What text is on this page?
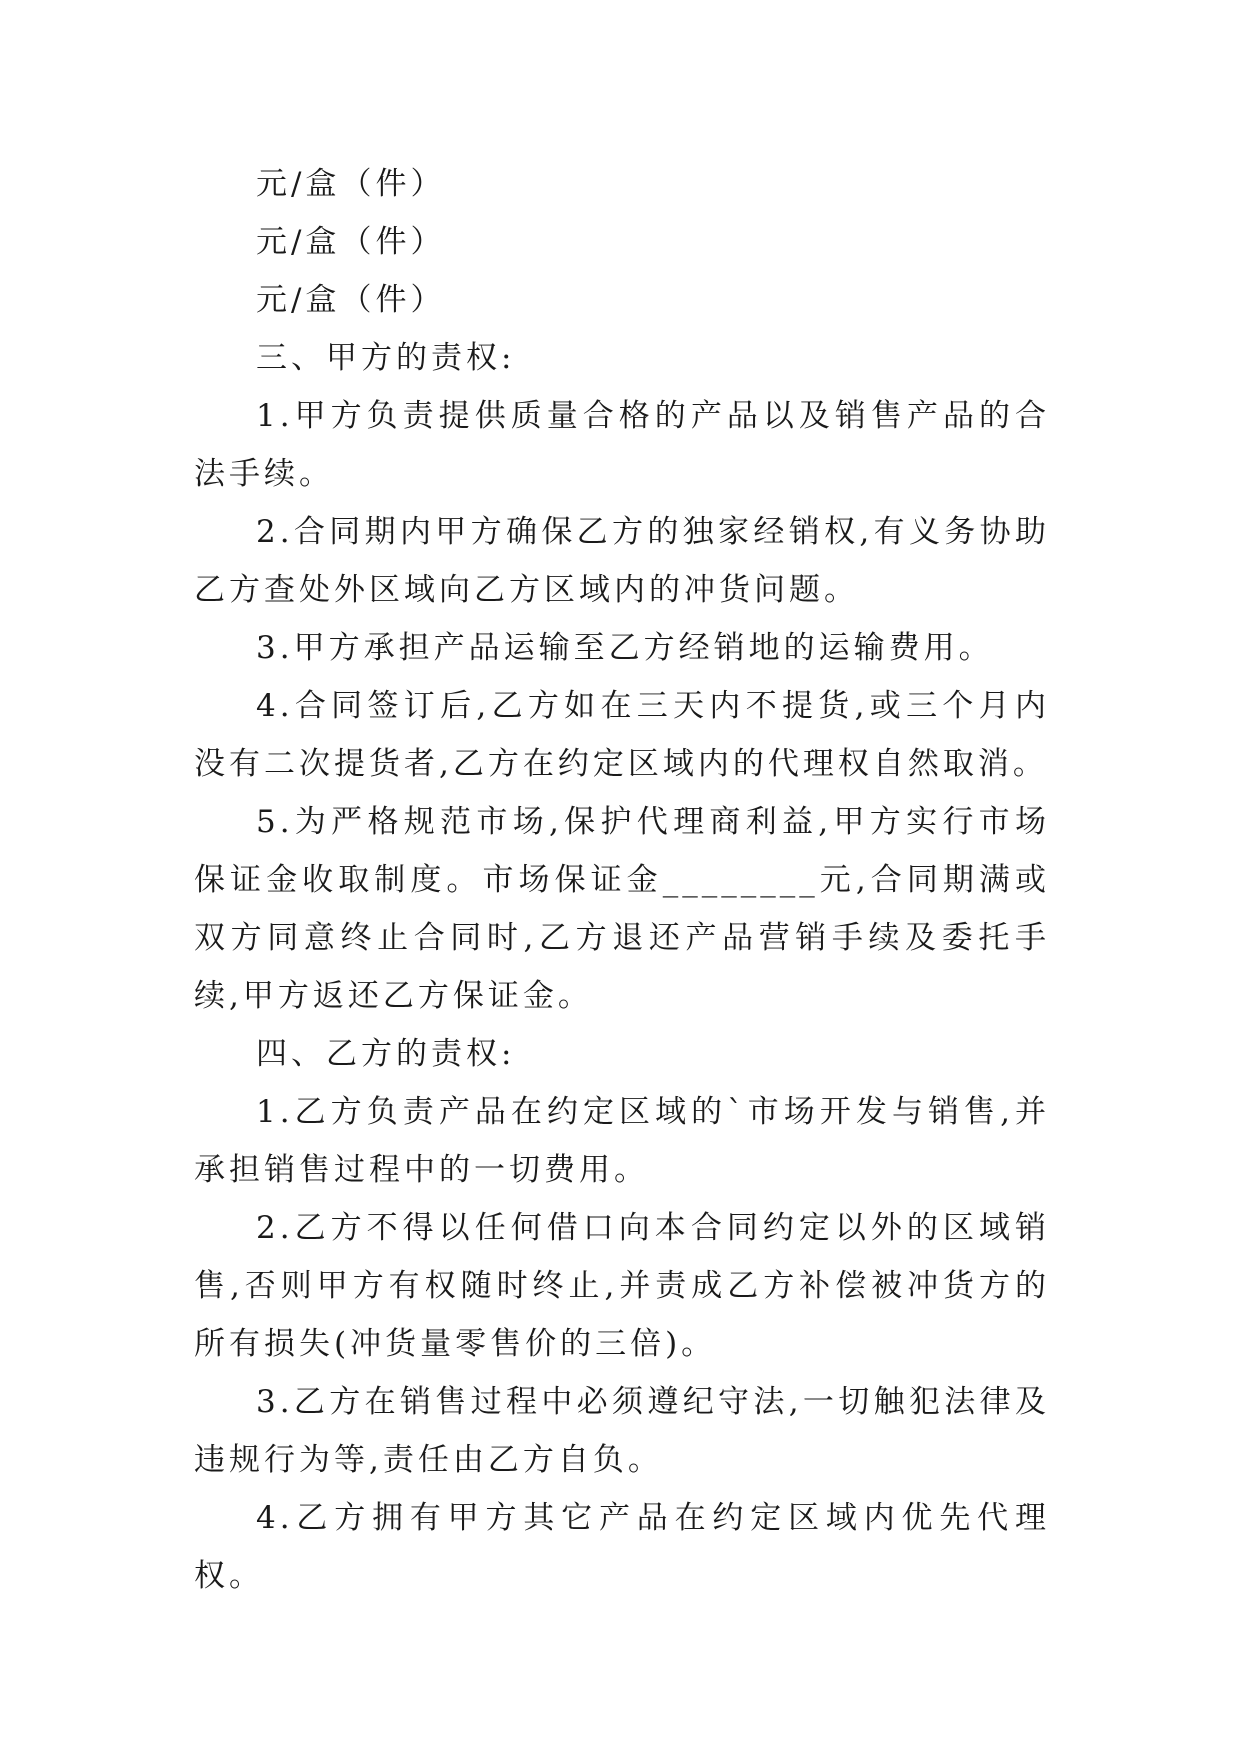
元/盒（件）

元/盒（件）

元/盒（件）

三、甲方的责权:

1.甲方负责提供质量合格的产品以及销售产品的合法手续。

2.合同期内甲方确保乙方的独家经销权,有义务协助乙方查处外区域向乙方区域内的冲货问题。

3.甲方承担产品运输至乙方经销地的运输费用。

4.合同签订后,乙方如在三天内不提货,或三个月内没有二次提货者,乙方在约定区域内的代理权自然取消。

5.为严格规范市场,保护代理商利益,甲方实行市场保证金收取制度。市场保证金________元,合同期满或双方同意终止合同时,乙方退还产品营销手续及委托手续,甲方返还乙方保证金。

四、乙方的责权:

1.乙方负责产品在约定区域的`市场开发与销售,并承担销售过程中的一切费用。

2.乙方不得以任何借口向本合同约定以外的区域销售,否则甲方有权随时终止,并责成乙方补偿被冲货方的所有损失(冲货量零售价的三倍)。

3.乙方在销售过程中必须遵纪守法,一切触犯法律及违规行为等,责任由乙方自负。

4.乙方拥有甲方其它产品在约定区域内优先代理权。
